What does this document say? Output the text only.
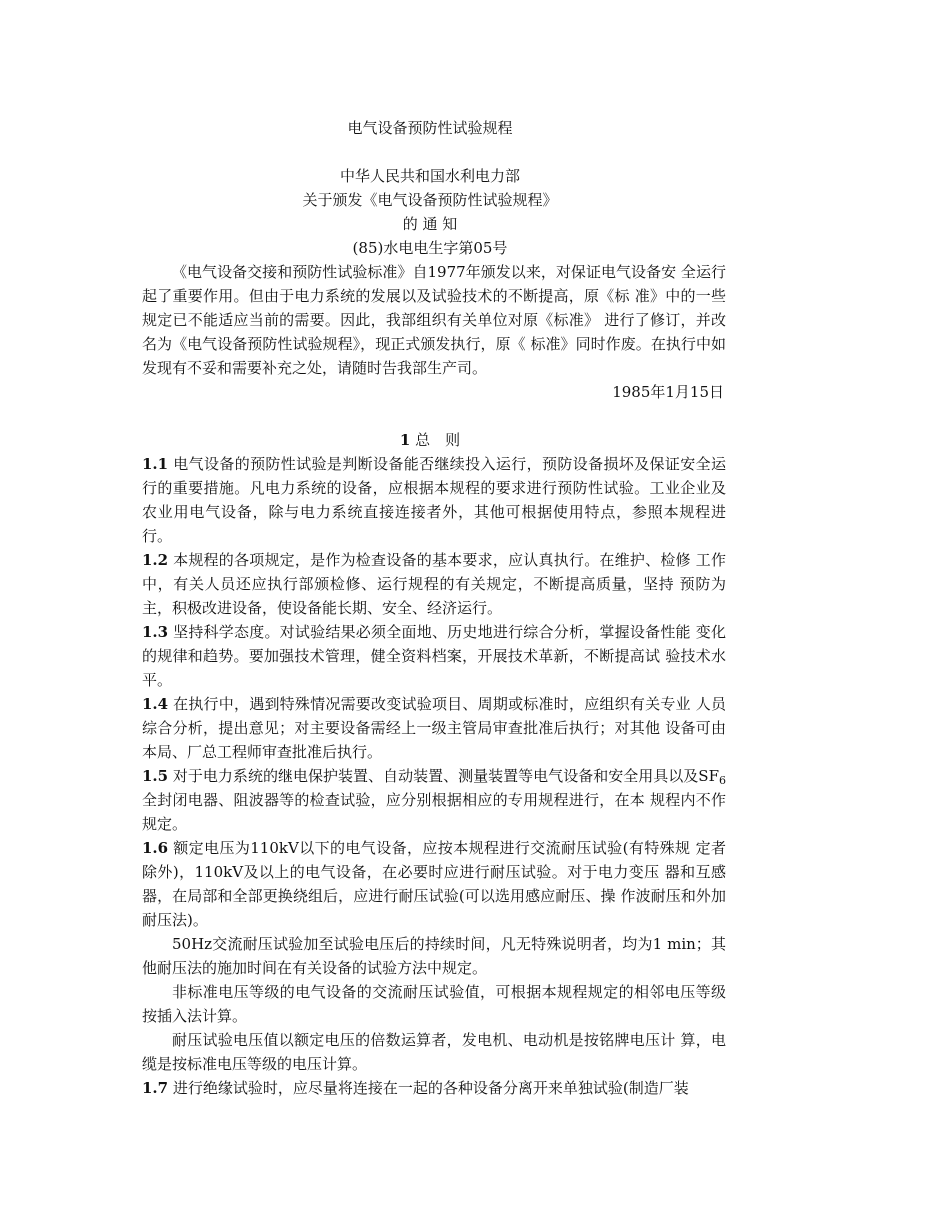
电气设备预防性试验规程
中华人民共和国水利电力部
关于颁发《电气设备预防性试验规程》
的 通 知
(85)水电电生字第05号

《电气设备交接和预防性试验标准》自1977年颁发以来，对保证电气设备安 全运行起了重要作用。但由于电力系统的发展以及试验技术的不断提高，原《标 准》中的一些规定已不能适应当前的需要。因此，我部组织有关单位对原《标准》 进行了修订，并改名为《电气设备预防性试验规程》，现正式颁发执行，原《 标准》同时作废。在执行中如发现有不妥和需要补充之处，请随时告我部生产司。

1985年1月15日
1 总　则

1.1 电气设备的预防性试验是判断设备能否继续投入运行，预防设备损坏及保证安全运行的重要措施。凡电力系统的设备，应根据本规程的要求进行预防性试验。工业企业及农业用电气设备，除与电力系统直接连接者外，其他可根据使用特点，参照本规程进行。

1.2 本规程的各项规定，是作为检查设备的基本要求，应认真执行。在维护、检修 工作中，有关人员还应执行部颁检修、运行规程的有关规定，不断提高质量，坚持 预防为主，积极改进设备，使设备能长期、安全、经济运行。

1.3 坚持科学态度。对试验结果必须全面地、历史地进行综合分析，掌握设备性能 变化的规律和趋势。要加强技术管理，健全资料档案，开展技术革新，不断提高试 验技术水平。

1.4 在执行中，遇到特殊情况需要改变试验项目、周期或标准时，应组织有关专业 人员综合分析，提出意见；对主要设备需经上一级主管局审查批准后执行；对其他 设备可由本局、厂总工程师审查批准后执行。

1.5 对于电力系统的继电保护装置、自动装置、测量装置等电气设备和安全用具以及$SF_6$全封闭电器、阻波器等的检查试验，应分别根据相应的专用规程进行，在本 规程内不作规定。

1.6 额定电压为110kV以下的电气设备，应按本规程进行交流耐压试验(有特殊规 定者除外)，110kV及以上的电气设备，在必要时应进行耐压试验。对于电力变压 器和互感器，在局部和全部更换绕组后，应进行耐压试验(可以选用感应耐压、操 作波耐压和外加耐压法)。

50Hz交流耐压试验加至试验电压后的持续时间，凡无特殊说明者，均为1 min；其他耐压法的施加时间在有关设备的试验方法中规定。

非标准电压等级的电气设备的交流耐压试验值，可根据本规程规定的相邻电压等级按插入法计算。

耐压试验电压值以额定电压的倍数运算者，发电机、电动机是按铭牌电压计 算，电缆是按标准电压等级的电压计算。

1.7 进行绝缘试验时，应尽量将连接在一起的各种设备分离开来单独试验(制造厂装
